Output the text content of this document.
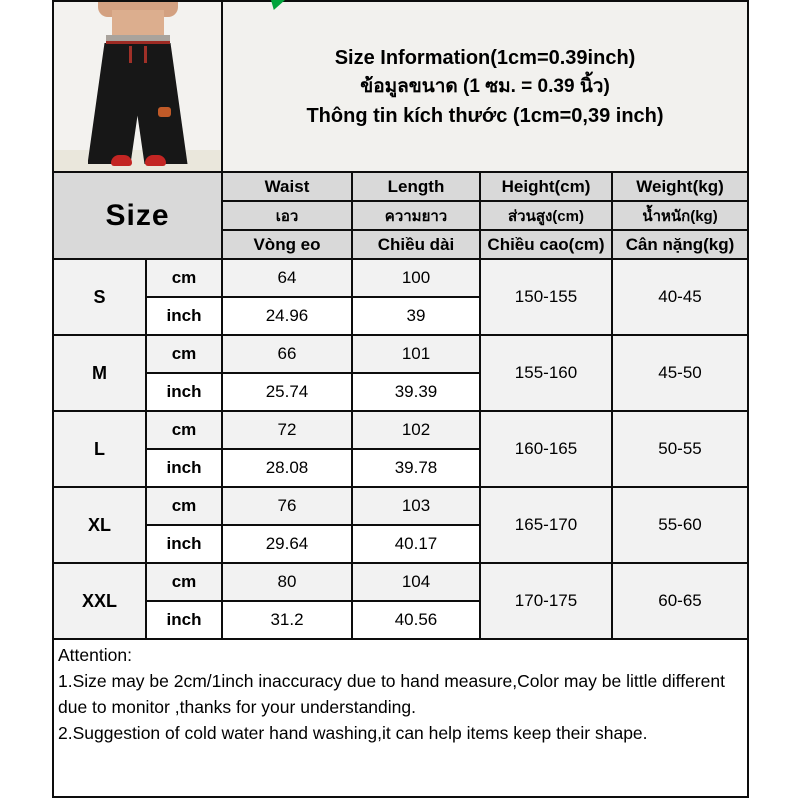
		Size Information(1cm=0.39inch)
ข้อมูลขนาด (1 ซม. = 0.39 นิ้ว)
Thông tin kích thước (1cm=0,39 inch)			

Size		Waist	Length	Height(cm)	Weight(kg)
		เอว	ความยาว	ส่วนสูง(cm)	น้ำหนัก(kg)
		Vòng eo	Chiều dài	Chiều cao(cm)	Cân nặng(kg)
S	cm	64	100	150-155	40-45
	inch	24.96	39		
M	cm	66	101	155-160	45-50
	inch	25.74	39.39		
L	cm	72	102	160-165	50-55
	inch	28.08	39.78		
XL	cm	76	103	165-170	55-60
	inch	29.64	40.17		
XXL	cm	80	104	170-175	60-65
	inch	31.2	40.56		

Attention:
1.Size may be 2cm/1inch inaccuracy due to hand measure,Color may be little different due to monitor ,thanks for your understanding.
2.Suggestion of cold water hand washing,it can help items keep their shape.					
